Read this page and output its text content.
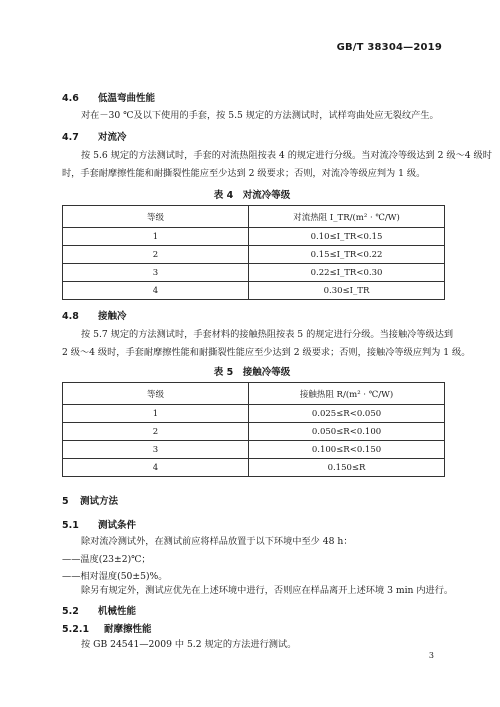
GB/T 38304—2019
4.6 低温弯曲性能
对在－30 ℃及以下使用的手套，按 5.5 规定的方法测试时，试样弯曲处应无裂纹产生。
4.7 对流冷
按 5.6 规定的方法测试时，手套的对流热阻按表 4 的规定进行分级。当对流冷等级达到 2 级～4 级时
时，手套耐摩擦性能和耐撕裂性能应至少达到 2 级要求；否则，对流冷等级应判为 1 级。
表 4　对流冷等级
等级	对流热阻 I_TR/(m² · ℃/W)
1	0.10≤I_TR<0.15
2	0.15≤I_TR<0.22
3	0.22≤I_TR<0.30
4	0.30≤I_TR
4.8 接触冷
按 5.7 规定的方法测试时，手套材料的接触热阻按表 5 的规定进行分级。当接触冷等级达到
2 级～4 级时，手套耐摩擦性能和耐撕裂性能应至少达到 2 级要求；否则，接触冷等级应判为 1 级。
表 5　接触冷等级
等级	接触热阻 R/(m² · ℃/W)
1	0.025≤R<0.050
2	0.050≤R<0.100
3	0.100≤R<0.150
4	0.150≤R
5 测试方法
5.1 测试条件
除对流冷测试外，在测试前应将样品放置于以下环境中至少 48 h：
——温度(23±2)℃；
——相对湿度(50±5)%。
除另有规定外，测试应优先在上述环境中进行，否则应在样品离开上述环境 3 min 内进行。
5.2 机械性能
5.2.1 耐摩擦性能
按 GB 24541—2009 中 5.2 规定的方法进行测试。
3
